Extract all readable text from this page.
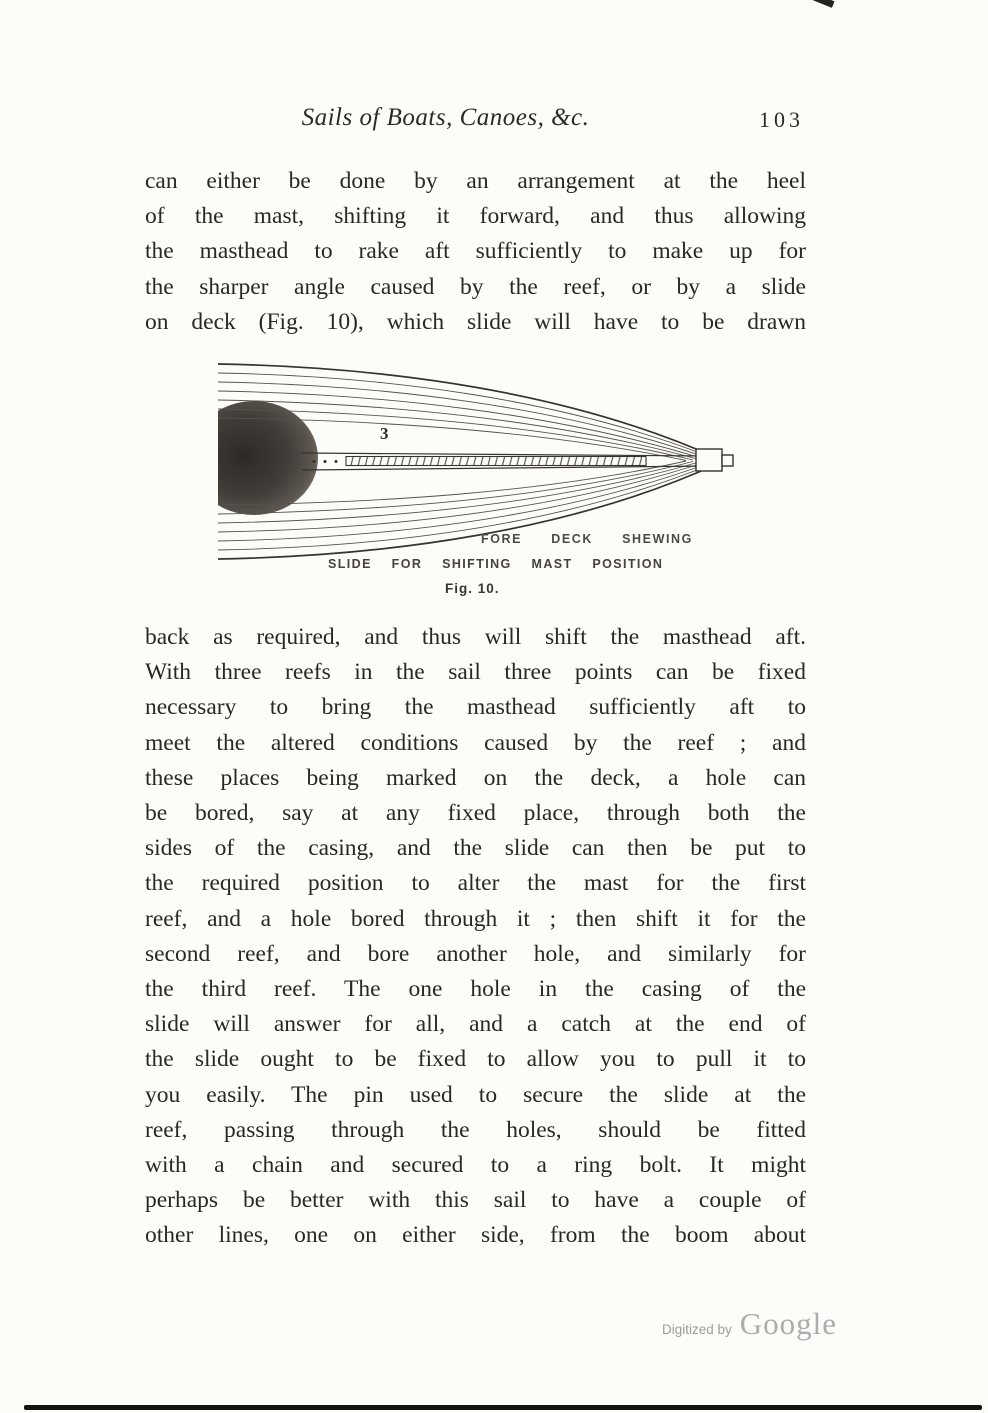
Sails of Boats, Canoes, &c.	103
can either be done by an arrangement at the heel
of the mast, shifting it forward, and thus allowing
the masthead to rake aft sufficiently to make up for
the sharper angle caused by the reef, or by a slide
on deck (Fig. 10), which slide will have to be drawn
3
FORE DECK SHEWING
SLIDE FOR SHIFTING MAST POSITION
Fig. 10.
back as required, and thus will shift the masthead aft.
With three reefs in the sail three points can be fixed
necessary to bring the masthead sufficiently aft to
meet the altered conditions caused by the reef ; and
these places being marked on the deck, a hole can
be bored, say at any fixed place, through both the
sides of the casing, and the slide can then be put to
the required position to alter the mast for the first
reef, and a hole bored through it ; then shift it for the
second reef, and bore another hole, and similarly for
the third reef. The one hole in the casing of the
slide will answer for all, and a catch at the end of
the slide ought to be fixed to allow you to pull it to
you easily. The pin used to secure the slide at the
reef, passing through the holes, should be fitted
with a chain and secured to a ring bolt. It might
perhaps be better with this sail to have a couple of
other lines, one on either side, from the boom about
Digitized by Google
